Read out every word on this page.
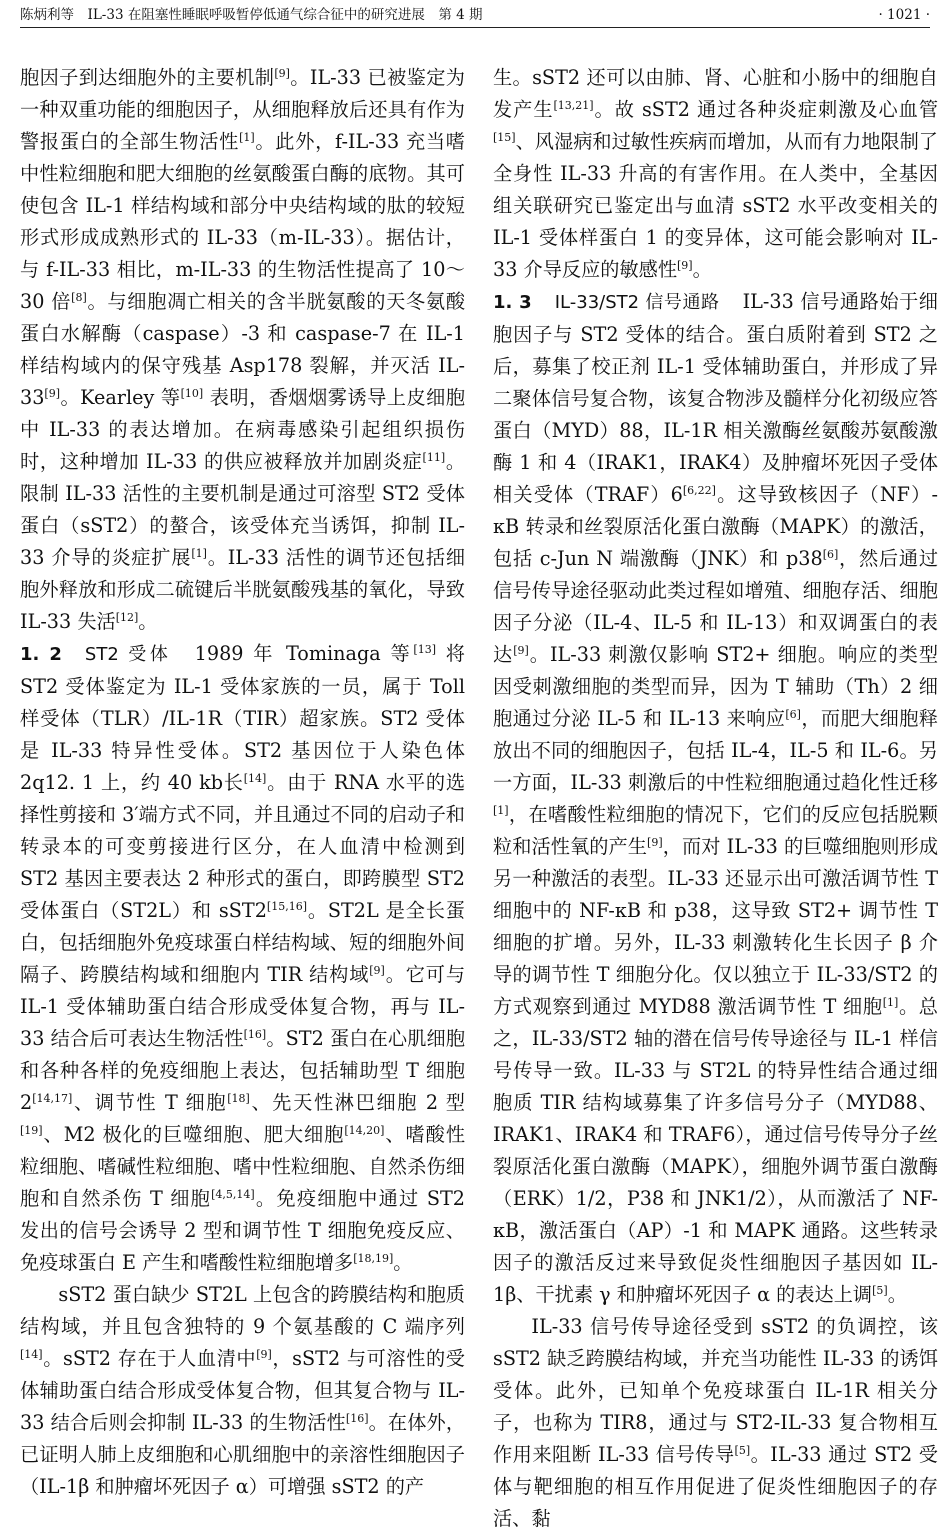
陈炳利等　IL-33 在阻塞性睡眠呼吸暂停低通气综合征中的研究进展　第 4 期	· 1021 ·

胞因子到达细胞外的主要机制[9]。IL-33 已被鉴定为一种双重功能的细胞因子，从细胞释放后还具有作为警报蛋白的全部生物活性[1]。此外，f-IL-33 充当嗜中性粒细胞和肥大细胞的丝氨酸蛋白酶的底物。其可使包含 IL-1 样结构域和部分中央结构域的肽的较短形式形成成熟形式的 IL-33（m-IL-33）。据估计，与 f-IL-33 相比，m-IL-33 的生物活性提高了 10～30 倍[8]。与细胞凋亡相关的含半胱氨酸的天冬氨酸蛋白水解酶（caspase）-3 和 caspase-7 在 IL-1 样结构域内的保守残基 Asp178 裂解，并灭活 IL-33[9]。Kearley 等[10] 表明，香烟烟雾诱导上皮细胞中 IL-33 的表达增加。在病毒感染引起组织损伤时，这种增加 IL-33 的供应被释放并加剧炎症[11]。限制 IL-33 活性的主要机制是通过可溶型 ST2 受体蛋白（sST2）的螯合，该受体充当诱饵，抑制 IL-33 介导的炎症扩展[1]。IL-33 活性的调节还包括细胞外释放和形成二硫键后半胱氨酸残基的氧化，导致 IL-33 失活[12]。

1. 2 ST2 受体 1989 年 Tominaga 等[13] 将 ST2 受体鉴定为 IL-1 受体家族的一员，属于 Toll 样受体（TLR）/IL-1R（TIR）超家族。ST2 受体是 IL-33 特异性受体。ST2 基因位于人染色体 2q12. 1 上，约 40 kb长[14]。由于 RNA 水平的选择性剪接和 3′端方式不同，并且通过不同的启动子和转录本的可变剪接进行区分，在人血清中检测到 ST2 基因主要表达 2 种形式的蛋白，即跨膜型 ST2 受体蛋白（ST2L）和 sST2[15,16]。ST2L 是全长蛋白，包括细胞外免疫球蛋白样结构域、短的细胞外间隔子、跨膜结构域和细胞内 TIR 结构域[9]。它可与 IL-1 受体辅助蛋白结合形成受体复合物，再与 IL-33 结合后可表达生物活性[16]。ST2 蛋白在心肌细胞和各种各样的免疫细胞上表达，包括辅助型 T 细胞 2[14,17]、调节性 T 细胞[18]、先天性淋巴细胞 2 型[19]、M2 极化的巨噬细胞、肥大细胞[14,20]、嗜酸性粒细胞、嗜碱性粒细胞、嗜中性粒细胞、自然杀伤细胞和自然杀伤 T 细胞[4,5,14]。免疫细胞中通过 ST2 发出的信号会诱导 2 型和调节性 T 细胞免疫反应、免疫球蛋白 E 产生和嗜酸性粒细胞增多[18,19]。

sST2 蛋白缺少 ST2L 上包含的跨膜结构和胞质结构域，并且包含独特的 9 个氨基酸的 C 端序列[14]。sST2 存在于人血清中[9]，sST2 与可溶性的受体辅助蛋白结合形成受体复合物，但其复合物与 IL-33 结合后则会抑制 IL-33 的生物活性[16]。在体外，已证明人肺上皮细胞和心肌细胞中的亲溶性细胞因子（IL-1β 和肿瘤坏死因子 α）可增强 sST2 的产

生。sST2 还可以由肺、肾、心脏和小肠中的细胞自发产生[13,21]。故 sST2 通过各种炎症刺激及心血管[15]、风湿病和过敏性疾病而增加，从而有力地限制了全身性 IL-33 升高的有害作用。在人类中，全基因组关联研究已鉴定出与血清 sST2 水平改变相关的 IL-1 受体样蛋白 1 的变异体，这可能会影响对 IL-33 介导反应的敏感性[9]。

1. 3 IL-33/ST2 信号通路 IL-33 信号通路始于细胞因子与 ST2 受体的结合。蛋白质附着到 ST2 之后，募集了校正剂 IL-1 受体辅助蛋白，并形成了异二聚体信号复合物，该复合物涉及髓样分化初级应答蛋白（MYD）88，IL-1R 相关激酶丝氨酸苏氨酸激酶 1 和 4（IRAK1，IRAK4）及肿瘤坏死因子受体相关受体（TRAF）6[6,22]。这导致核因子（NF）-κB 转录和丝裂原活化蛋白激酶（MAPK）的激活，包括 c-Jun N 端激酶（JNK）和 p38[6]，然后通过信号传导途径驱动此类过程如增殖、细胞存活、细胞因子分泌（IL-4、IL-5 和 IL-13）和双调蛋白的表达[9]。IL-33 刺激仅影响 ST2+ 细胞。响应的类型因受刺激细胞的类型而异，因为 T 辅助（Th）2 细胞通过分泌 IL-5 和 IL-13 来响应[6]，而肥大细胞释放出不同的细胞因子，包括 IL-4，IL-5 和 IL-6。另一方面，IL-33 刺激后的中性粒细胞通过趋化性迁移[1]，在嗜酸性粒细胞的情况下，它们的反应包括脱颗粒和活性氧的产生[9]，而对 IL-33 的巨噬细胞则形成另一种激活的表型。IL-33 还显示出可激活调节性 T 细胞中的 NF-κB 和 p38，这导致 ST2+ 调节性 T 细胞的扩增。另外，IL-33 刺激转化生长因子 β 介导的调节性 T 细胞分化。仅以独立于 IL-33/ST2 的方式观察到通过 MYD88 激活调节性 T 细胞[1]。总之，IL-33/ST2 轴的潜在信号传导途径与 IL-1 样信号传导一致。IL-33 与 ST2L 的特异性结合通过细胞质 TIR 结构域募集了许多信号分子（MYD88、IRAK1、IRAK4 和 TRAF6），通过信号传导分子丝裂原活化蛋白激酶（MAPK），细胞外调节蛋白激酶（ERK）1/2，P38 和 JNK1/2），从而激活了 NF-κB，激活蛋白（AP）-1 和 MAPK 通路。这些转录因子的激活反过来导致促炎性细胞因子基因如 IL-1β、干扰素 γ 和肿瘤坏死因子 α 的表达上调[5]。

IL-33 信号传导途径受到 sST2 的负调控，该 sST2 缺乏跨膜结构域，并充当功能性 IL-33 的诱饵受体。此外，已知单个免疫球蛋白 IL-1R 相关分子，也称为 TIR8，通过与 ST2-IL-33 复合物相互作用来阻断 IL-33 信号传导[5]。IL-33 通过 ST2 受体与靶细胞的相互作用促进了促炎性细胞因子的存活、黏
